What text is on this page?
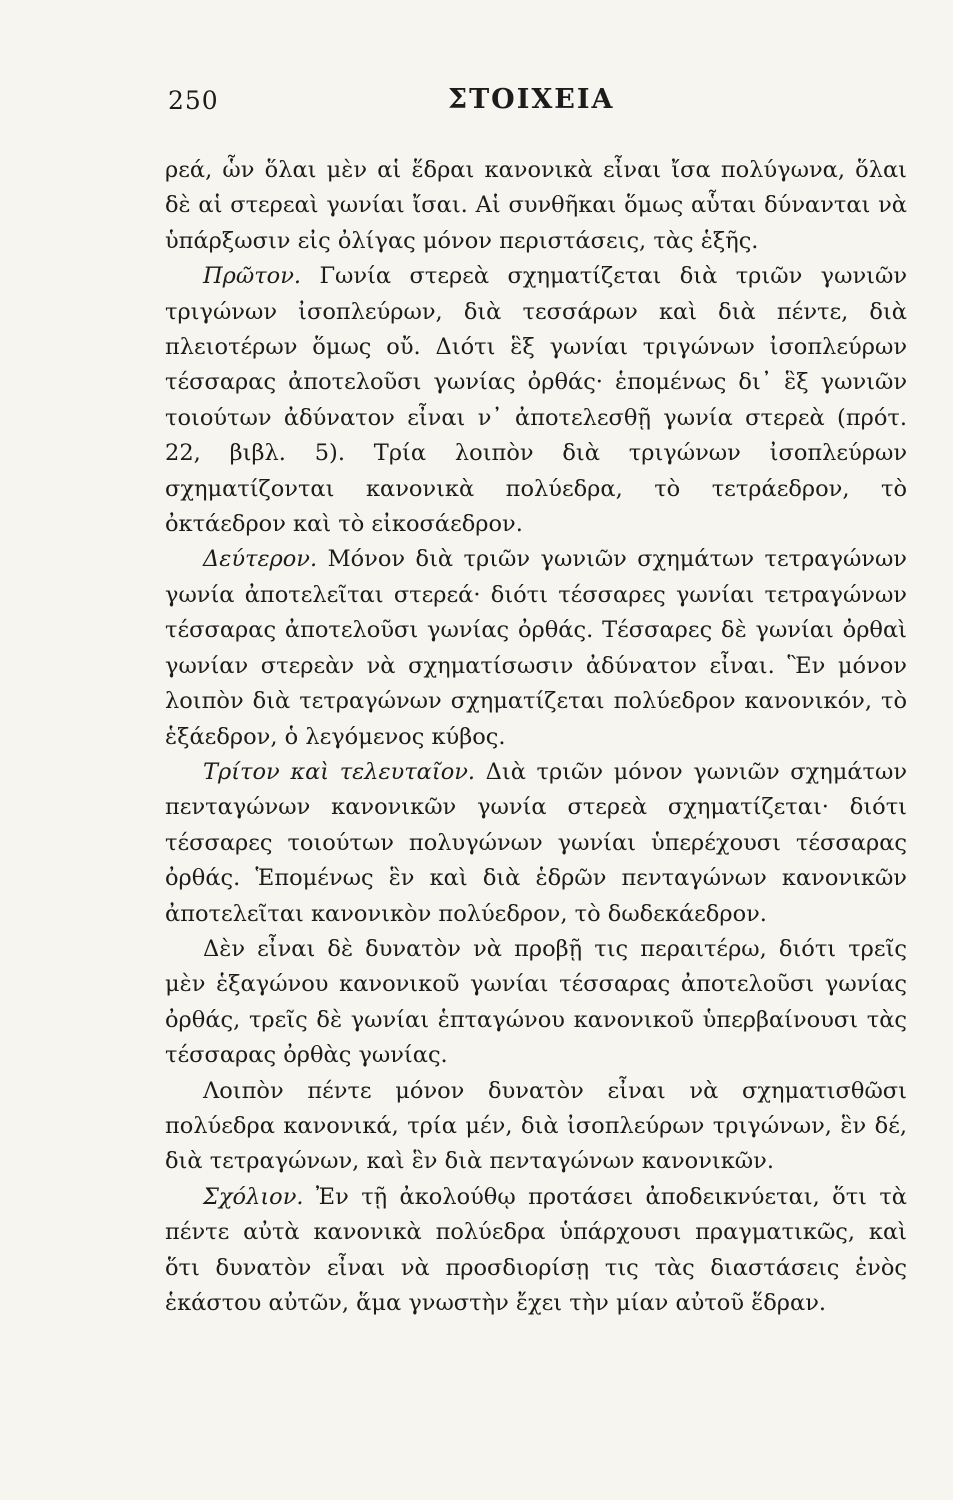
250	ΣΤΟΙΧΕΙΑ

ρεά, ὧν ὅλαι μὲν αἱ ἕδραι κανονικὰ εἶναι ἴσα πολύγωνα, ὅλαι δὲ αἱ στερεαὶ γωνίαι ἴσαι. Αἱ συνθῆκαι ὅμως αὗται δύνανται νὰ ὑπάρξωσιν εἰς ὀλίγας μόνον περιστάσεις, τὰς ἑξῆς.

Πρῶτον. Γωνία στερεὰ σχηματίζεται διὰ τριῶν γωνιῶν τριγώνων ἰσοπλεύρων, διὰ τεσσάρων καὶ διὰ πέντε, διὰ πλειοτέρων ὅμως οὔ. Διότι ἓξ γωνίαι τριγώνων ἰσοπλεύρων τέσσαρας ἀποτελοῦσι γωνίας ὀρθάς· ἑπομένως δι᾽ ἓξ γωνιῶν τοιούτων ἀδύνατον εἶναι ν᾽ ἀποτελεσθῇ γωνία στερεὰ (πρότ. 22, βιβλ. 5). Τρία λοιπὸν διὰ τριγώνων ἰσοπλεύρων σχηματίζονται κανονικὰ πολύεδρα, τὸ τετράεδρον, τὸ ὀκτάεδρον καὶ τὸ εἰκοσάεδρον.

Δεύτερον. Μόνον διὰ τριῶν γωνιῶν σχημάτων τετραγώνων γωνία ἀποτελεῖται στερεά· διότι τέσσαρες γωνίαι τετραγώνων τέσσαρας ἀποτελοῦσι γωνίας ὀρθάς. Τέσσαρες δὲ γωνίαι ὀρθαὶ γωνίαν στερεὰν νὰ σχηματίσωσιν ἀδύνατον εἶναι. Ἓν μόνον λοιπὸν διὰ τετραγώνων σχηματίζεται πολύεδρον κανονικόν, τὸ ἑξάεδρον, ὁ λεγόμενος κύβος.

Τρίτον καὶ τελευταῖον. Διὰ τριῶν μόνον γωνιῶν σχημάτων πενταγώνων κανονικῶν γωνία στερεὰ σχηματίζεται· διότι τέσσαρες τοιούτων πολυγώνων γωνίαι ὑπερέχουσι τέσσαρας ὀρθάς. Ἑπομένως ἓν καὶ διὰ ἑδρῶν πενταγώνων κανονικῶν ἀποτελεῖται κανονικὸν πολύεδρον, τὸ δωδεκάεδρον.

Δὲν εἶναι δὲ δυνατὸν νὰ προβῇ τις περαιτέρω, διότι τρεῖς μὲν ἑξαγώνου κανονικοῦ γωνίαι τέσσαρας ἀποτελοῦσι γωνίας ὀρθάς, τρεῖς δὲ γωνίαι ἑπταγώνου κανονικοῦ ὑπερβαίνουσι τὰς τέσσαρας ὀρθὰς γωνίας.

Λοιπὸν πέντε μόνον δυνατὸν εἶναι νὰ σχηματισθῶσι πολύεδρα κανονικά, τρία μέν, διὰ ἰσοπλεύρων τριγώνων, ἓν δέ, διὰ τετραγώνων, καὶ ἓν διὰ πενταγώνων κανονικῶν.

Σχόλιον. Ἐν τῇ ἀκολούθῳ προτάσει ἀποδεικνύεται, ὅτι τὰ πέντε αὐτὰ κανονικὰ πολύεδρα ὑπάρχουσι πραγματικῶς, καὶ ὅτι δυνατὸν εἶναι νὰ προσδιορίσῃ τις τὰς διαστάσεις ἑνὸς ἑκάστου αὐτῶν, ἅμα γνωστὴν ἔχει τὴν μίαν αὐτοῦ ἕδραν.
